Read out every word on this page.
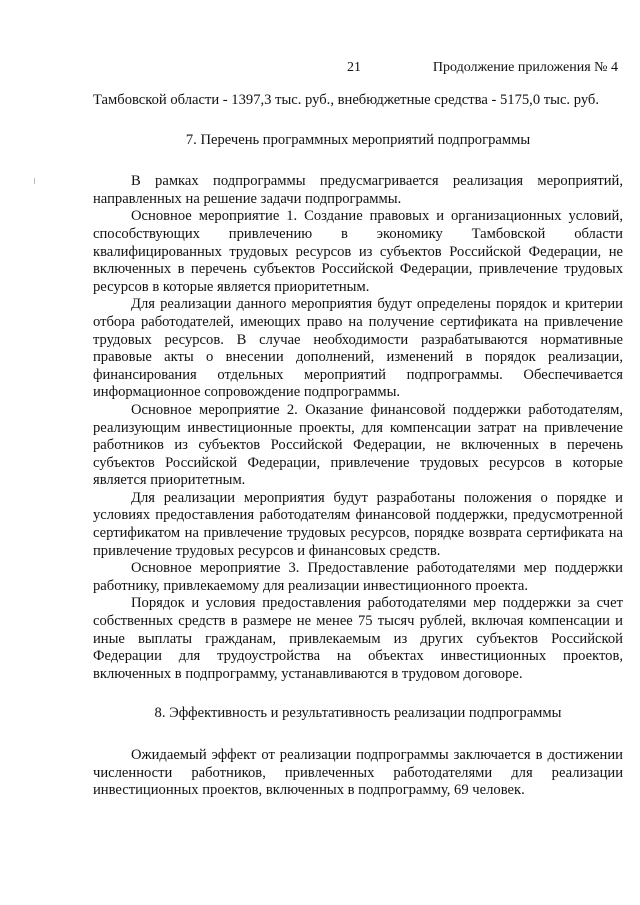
21	Продолжение приложения № 4

Тамбовской области - 1397,3 тыс. руб., внебюджетные средства - 5175,0 тыс. руб.

7. Перечень программных мероприятий подпрограммы

В рамках подпрограммы предусмагривается реализация мероприятий, направленных на решение задачи подпрограммы.

Основное мероприятие 1. Создание правовых и организационных условий, способствующих привлечению в экономику Тамбовской области квалифицированных трудовых ресурсов из субъектов Российской Федерации, не включенных в перечень субъектов Российской Федерации, привлечение трудовых ресурсов в которые является приоритетным.

Для реализации данного мероприятия будут определены порядок и критерии отбора работодателей, имеющих право на получение сертификата на привлечение трудовых ресурсов. В случае необходимости разрабатываются нормативные правовые акты о внесении дополнений, изменений в порядок реализации, финансирования отдельных мероприятий подпрограммы. Обеспечивается информационное сопровождение подпрограммы.

Основное мероприятие 2. Оказание финансовой поддержки работодателям, реализующим инвестиционные проекты, для компенсации затрат на привлечение работников из субъектов Российской Федерации, не включенных в перечень субъектов Российской Федерации, привлечение трудовых ресурсов в которые является приоритетным.

Для реализации мероприятия будут разработаны положения о порядке и условиях предоставления работодателям финансовой поддержки, предусмотренной сертификатом на привлечение трудовых ресурсов, порядке возврата сертификата на привлечение трудовых ресурсов и финансовых средств.

Основное мероприятие 3. Предоставление работодателями мер поддержки работнику, привлекаемому для реализации инвестиционного проекта.

Порядок и условия предоставления работодателями мер поддержки за счет собственных средств в размере не менее 75 тысяч рублей, включая компенсации и иные выплаты гражданам, привлекаемым из других субъектов Российской Федерации для трудоустройства на объектах инвестиционных проектов, включенных в подпрограмму, устанавливаются в трудовом договоре.

8. Эффективность и результативность реализации подпрограммы

Ожидаемый эффект от реализации подпрограммы заключается в достижении численности работников, привлеченных работодателями для реализации инвестиционных проектов, включенных в подпрограмму, 69 человек.
